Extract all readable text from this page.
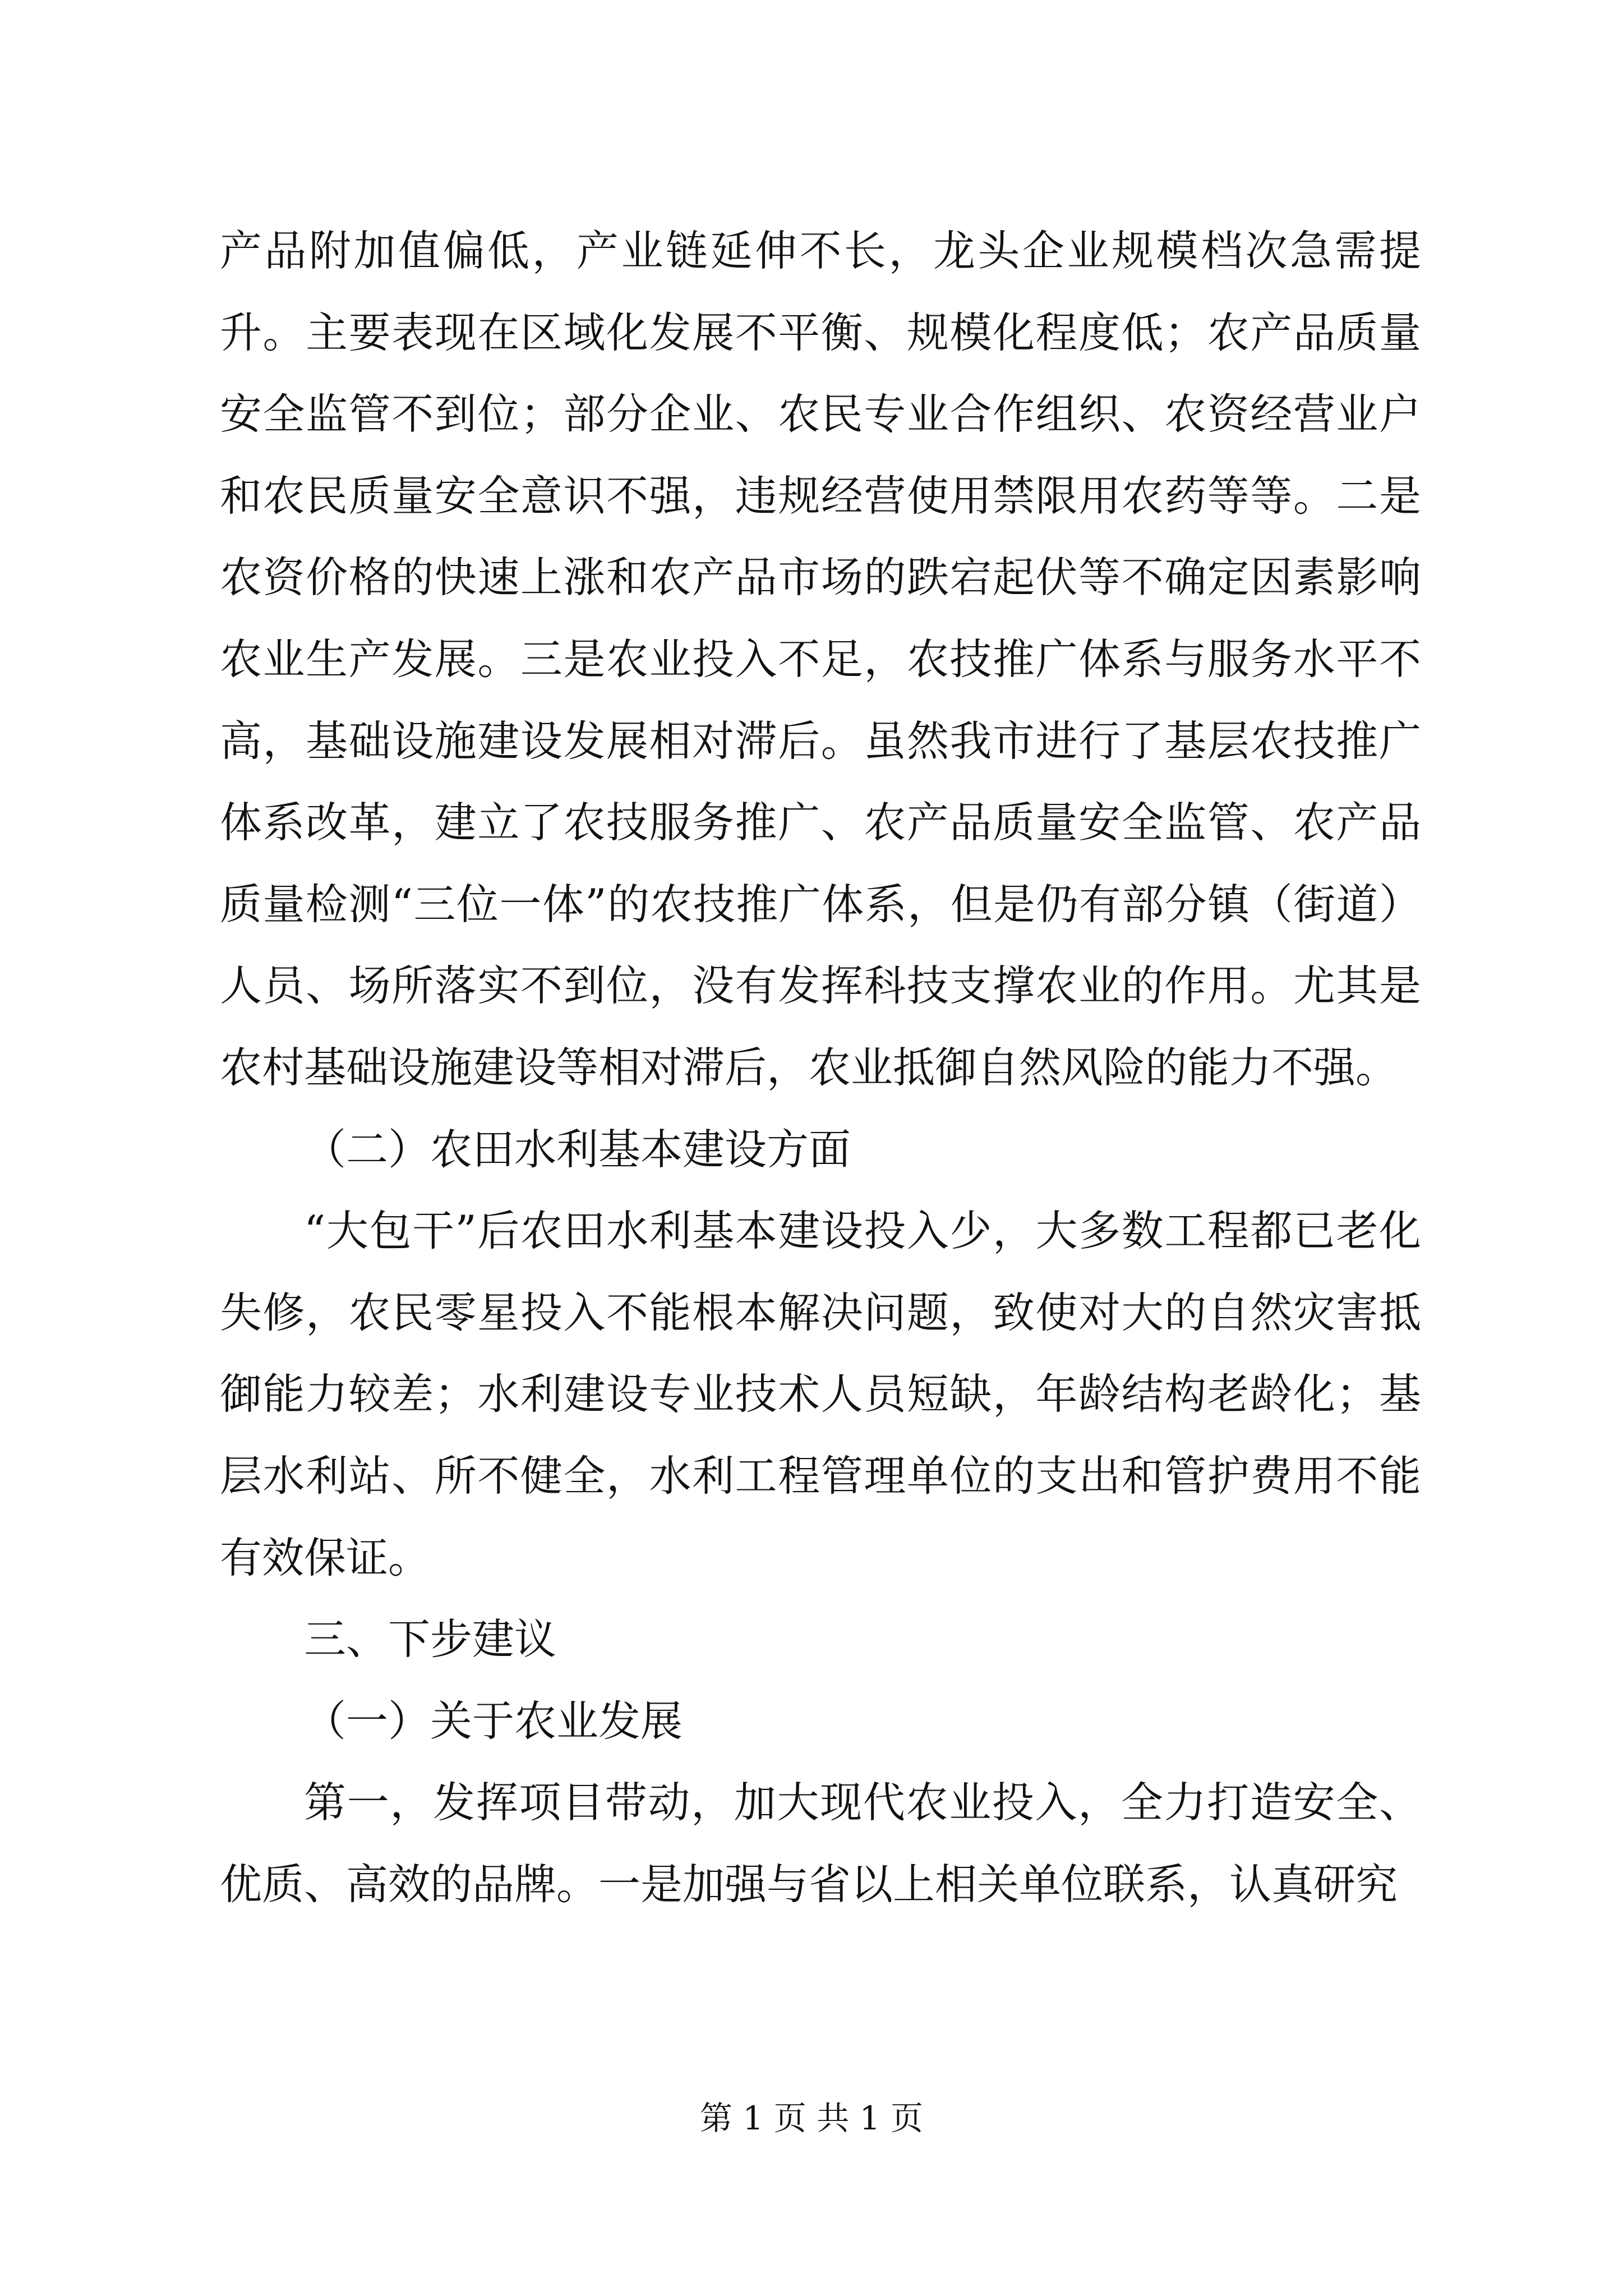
产品附加值偏低，产业链延伸不长，龙头企业规模档次急需提升。主要表现在区域化发展不平衡、规模化程度低；农产品质量安全监管不到位；部分企业、农民专业合作组织、农资经营业户和农民质量安全意识不强，违规经营使用禁限用农药等等。二是农资价格的快速上涨和农产品市场的跌宕起伏等不确定因素影响农业生产发展。三是农业投入不足，农技推广体系与服务水平不高，基础设施建设发展相对滞后。虽然我市进行了基层农技推广体系改革，建立了农技服务推广、农产品质量安全监管、农产品质量检测“三位一体”的农技推广体系，但是仍有部分镇（街道）人员、场所落实不到位，没有发挥科技支撑农业的作用。尤其是农村基础设施建设等相对滞后，农业抵御自然风险的能力不强。

（二）农田水利基本建设方面

“大包干”后农田水利基本建设投入少，大多数工程都已老化失修，农民零星投入不能根本解决问题，致使对大的自然灾害抵御能力较差；水利建设专业技术人员短缺，年龄结构老龄化；基层水利站、所不健全，水利工程管理单位的支出和管护费用不能有效保证。

三、下步建议

（一）关于农业发展

第一，发挥项目带动，加大现代农业投入，全力打造安全、优质、高效的品牌。一是加强与省以上相关单位联系，认真研究

第 1 页 共 1 页
